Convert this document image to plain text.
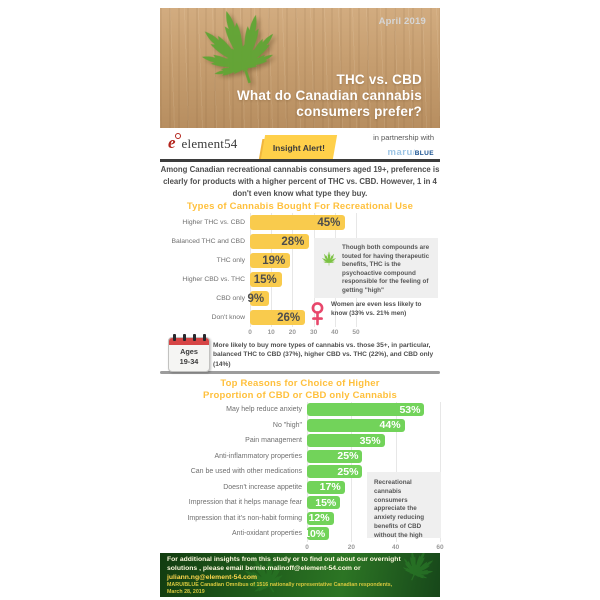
April 2019
THC vs. CBD
What do Canadian cannabis
consumers prefer?
e element54	Insight Alert!
in partnership with
maru/BLUE
Among Canadian recreational cannabis consumers aged 19+, preference is clearly for products with a higher percent of THC vs. CBD. However, 1 in 4 don't even know what type they buy.
Types of Cannabis Bought For Recreational Use
0	10	20	30	40	50
Higher THC vs. CBD	45%
Balanced THC and CBD	28%
THC only 19%
Higher CBD vs. THC 15%
CBD only 9%
Don't know	26%
Though both compounds are touted for having therapeutic benefits, THC is the psychoactive compound responsible for the feeling of getting "high"
Women are even less likely to know (33% vs. 21% men)
Ages
19-34
More likely to buy more types of cannabis vs. those 35+, in particular, balanced THC to CBD (37%), higher CBD vs. THC (22%), and CBD only (14%)
Top Reasons for Choice of Higher
Proportion of CBD or CBD only Cannabis
0	20	40	60
May help reduce anxiety	53%
No "high"	44%
Pain management	35%
Anti-inflammatory properties	25%
Can be used with other medications	25%
Doesn't increase appetite 17%
Impression that it helps manage fear 15%
Impression that it's non-habit forming 12%
Anti-oxidant properties 10%
Recreational cannabis consumers appreciate the anxiety reducing benefits of CBD without the high
For additional insights from this study or to find out about our overnight
solutions , please email bernie.malinoff@element-54.com or
juliann.ng@element-54.com
MARU/BLUE Canadian Omnibus of 1516 nationally representative Canadian respondents,
March 28, 2019
